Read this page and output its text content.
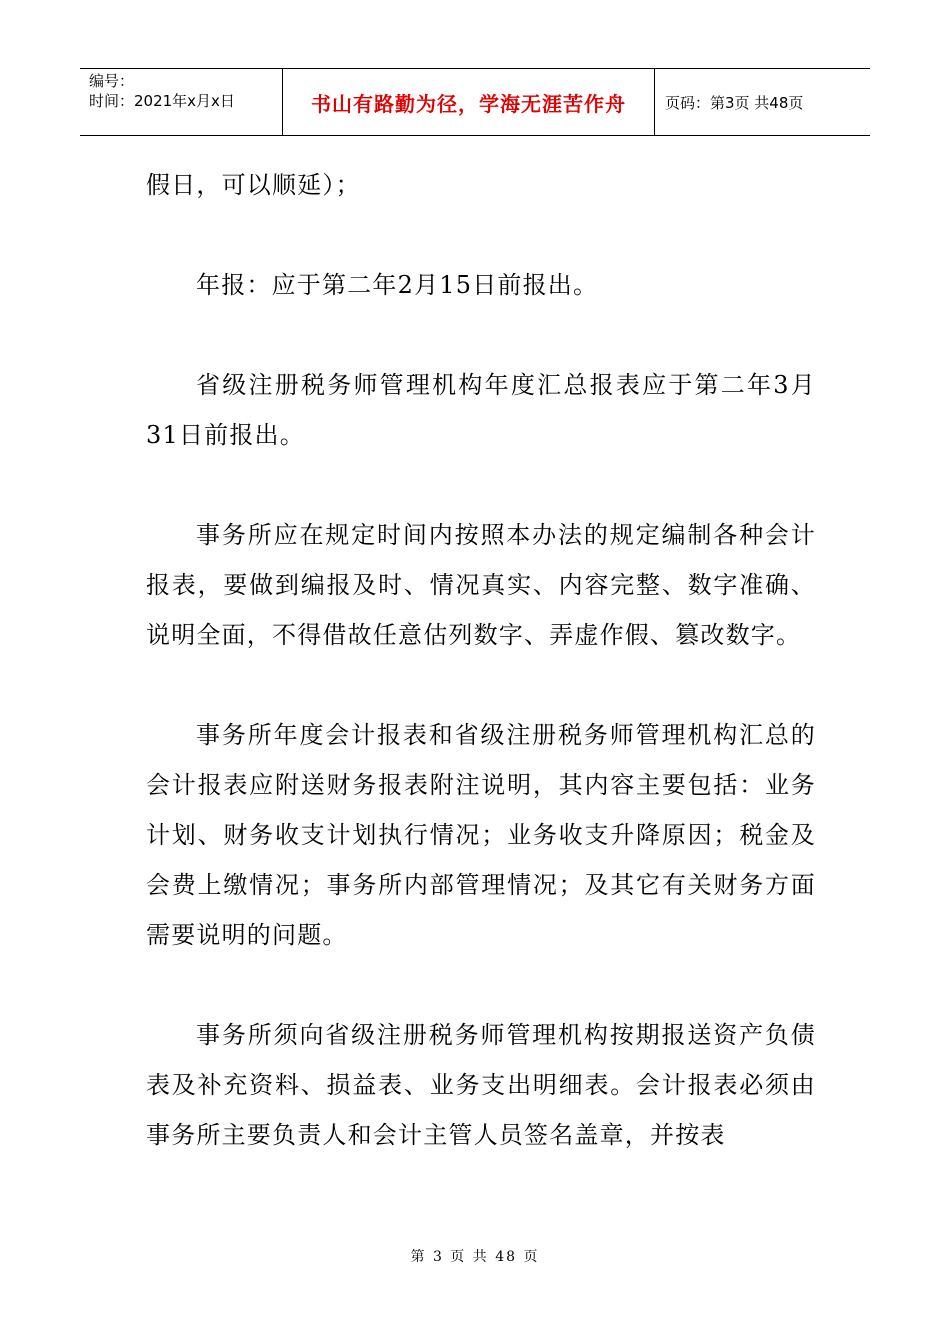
编号：
时间：2021年x月x日	书山有路勤为径，学海无涯苦作舟	页码：第3页 共48页

假日，可以顺延）；

年报：应于第二年2月15日前报出。

省级注册税务师管理机构年度汇总报表应于第二年3月31日前报出。

事务所应在规定时间内按照本办法的规定编制各种会计报表，要做到编报及时、情况真实、内容完整、数字准确、说明全面，不得借故任意估列数字、弄虚作假、篡改数字。

事务所年度会计报表和省级注册税务师管理机构汇总的会计报表应附送财务报表附注说明，其内容主要包括：业务计划、财务收支计划执行情况；业务收支升降原因；税金及会费上缴情况；事务所内部管理情况；及其它有关财务方面需要说明的问题。

事务所须向省级注册税务师管理机构按期报送资产负债表及补充资料、损益表、业务支出明细表。会计报表必须由事务所主要负责人和会计主管人员签名盖章，并按表

第 3 页 共 48 页
